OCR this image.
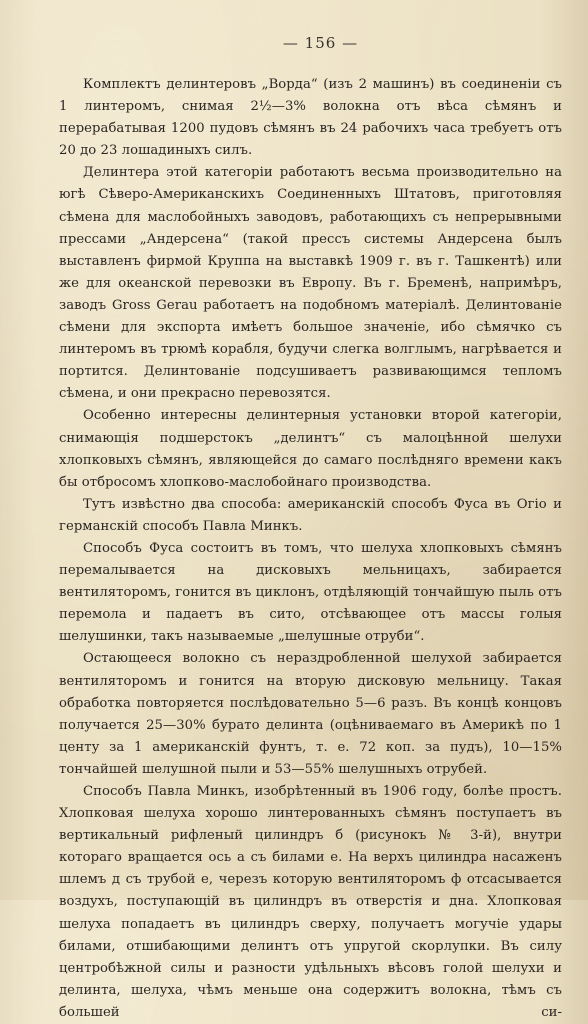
— 156 —

Комплектъ делинтеровъ „Ворда“ (изъ 2 машинъ) въ соединеніи съ 1 линтеромъ, снимая 2½—3% волокна отъ вѣса сѣмянъ и перерабатывая 1200 пудовъ сѣмянъ въ 24 рабочихъ часа требуетъ отъ 20 до 23 лошадиныхъ силъ.

Делинтера этой категоріи работаютъ весьма производительно на югѣ Сѣверо-Американскихъ Соединенныхъ Штатовъ, приготовляя сѣмена для маслобойныхъ заводовъ, работающихъ съ непрерывными прессами „Андерсена“ (такой прессъ системы Андерсена былъ выставленъ фирмой Круппа на выставкѣ 1909 г. въ г. Ташкентѣ) или же для океанской перевозки въ Европу. Въ г. Бременѣ, напримѣръ, заводъ Gross Gerau работаетъ на подобномъ матеріалѣ. Делинтованіе сѣмени для экспорта имѣетъ большое значеніе, ибо сѣмячко съ линтеромъ въ трюмѣ корабля, будучи слегка волглымъ, нагрѣвается и портится. Делинтованіе подсушиваетъ развивающимся тепломъ сѣмена, и они прекрасно перевозятся.

Особенно интересны делинтерныя установки второй категоріи, снимающія подшерстокъ „делинтъ“ съ малоцѣнной шелухи хлопковыхъ сѣмянъ, являющейся до самаго послѣдняго времени какъ бы отбросомъ хлопково-маслобойнаго производства.

Тутъ извѣстно два способа: американскій способъ Фуса въ Огіо и германскій способъ Павла Минкъ.

Способъ Фуса состоитъ въ томъ, что шелуха хлопковыхъ сѣмянъ перемалывается на дисковыхъ мельницахъ, забирается вентиляторомъ, гонится въ циклонъ, отдѣляющій тончайшую пыль отъ перемола и падаетъ въ сито, отсѣвающее отъ массы голыя шелушинки, такъ называемые „шелушные отруби“.

Остающееся волокно съ нераздробленной шелухой забирается вентиляторомъ и гонится на вторую дисковую мельницу. Такая обработка повторяется послѣдовательно 5—6 разъ. Въ концѣ концовъ получается 25—30% бурато делинта (оцѣниваемаго въ Америкѣ по 1 центу за 1 американскій фунтъ, т. е. 72 коп. за пудъ), 10—15% тончайшей шелушной пыли и 53—55% шелушныхъ отрубей.

Способъ Павла Минкъ, изобрѣтенный въ 1906 году, болѣе простъ. Хлопковая шелуха хорошо линтерованныхъ сѣмянъ поступаетъ въ вертикальный рифленый цилиндръ б (рисунокъ № 3-й), внутри котораго вращается ось а съ билами е. На верхъ цилиндра насаженъ шлемъ д съ трубой е, черезъ которую вентиляторомъ ф отсасывается воздухъ, поступающій въ цилиндръ въ отверстія и дна. Хлопковая шелуха попадаетъ въ цилиндръ сверху, получаетъ могучіе удары билами, отшибающими делинтъ отъ упругой скорлупки. Въ силу центробѣжной силы и разности удѣльныхъ вѣсовъ голой шелухи и делинта, шелуха, чѣмъ меньше она содержитъ волокна, тѣмъ съ большей си-
